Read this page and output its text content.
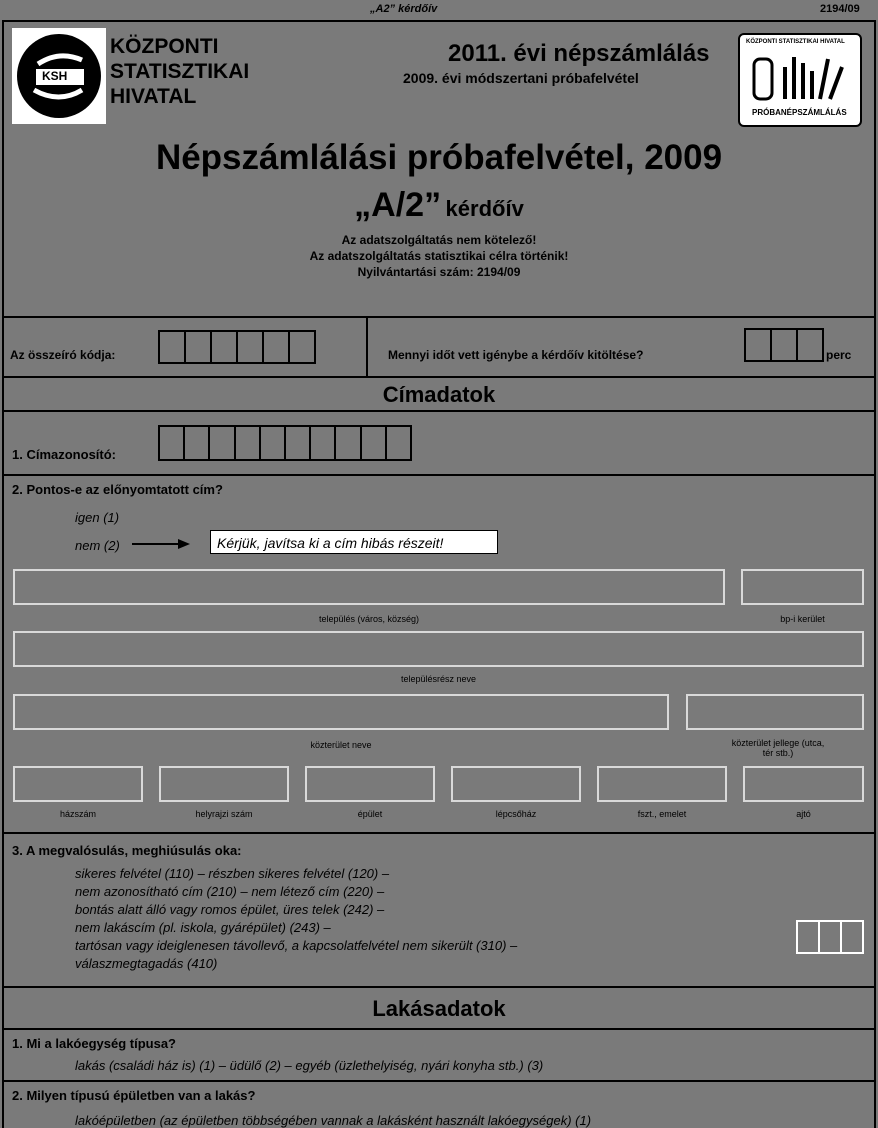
„A2” kérdőív	2194/09
KSH
KÖZPONTI
STATISZTIKAI
HIVATAL
2011. évi népszámlálás
2009. évi módszertani próbafelvétel
KÖZPONTI STATISZTIKAI HIVATAL
PRÓBANÉPSZÁMLÁLÁS
Népszámlálási próbafelvétel, 2009
„A/2” kérdőív
Az adatszolgáltatás nem kötelező!
Az adatszolgáltatás statisztikai célra történik!
Nyilvántartási szám: 2194/09
Az összeíró kódja:	Mennyi időt vett igénybe a kérdőív kitöltése?	perc
Címadatok
1. Címazonosító:
2. Pontos-e az előnyomtatott cím?
igen (1)
nem (2)	Kérjük, javítsa ki a cím hibás részeit!
település (város, község)	bp-i kerület
településrész neve
közterület neve	közterület jellege (utca, tér stb.)
házszám	helyrajzi szám	épület	lépcsőház	fszt., emelet	ajtó
3. A megvalósulás, meghiúsulás oka:
sikeres felvétel (110) – részben sikeres felvétel (120) –
nem azonosítható cím (210) – nem létező cím (220) –
bontás alatt álló vagy romos épület, üres telek (242) –
nem lakáscím (pl. iskola, gyárépület) (243) –
tartósan vagy ideiglenesen távollevő, a kapcsolatfelvétel nem sikerült (310) –
válaszmegtagadás (410)
Lakásadatok
1. Mi a lakóegység típusa?
lakás (családi ház is) (1) – üdülő (2) – egyéb (üzlethelyiség, nyári konyha stb.) (3)
2. Milyen típusú épületben van a lakás?
lakóépületben (az épületben többségében vannak a lakásként használt lakóegységek) (1)
